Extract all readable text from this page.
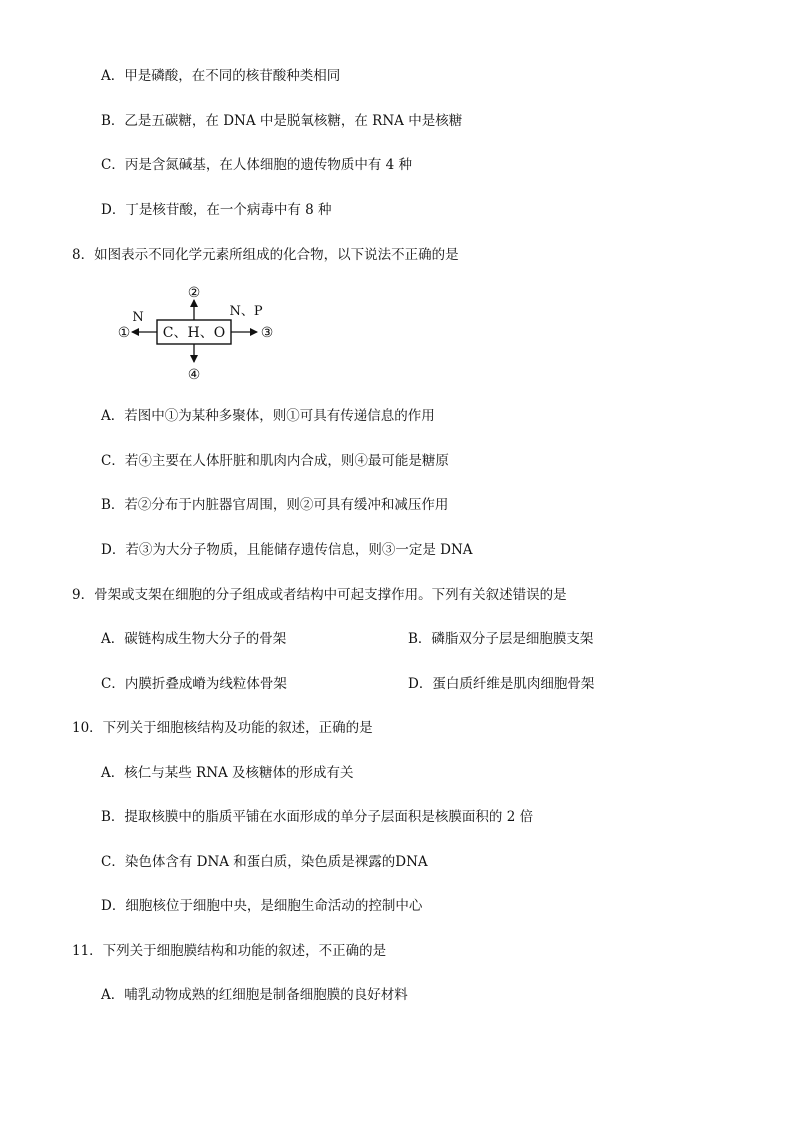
A．甲是磷酸，在不同的核苷酸种类相同
B．乙是五碳糖，在 DNA 中是脱氧核糖，在 RNA 中是核糖
C．丙是含氮碱基，在人体细胞的遗传物质中有 4 种
D．丁是核苷酸，在一个病毒中有 8 种
8．如图表示不同化学元素所组成的化合物，以下说法不正确的是
C、H、O
①
N
②
③
N、P
④
A．若图中①为某种多聚体，则①可具有传递信息的作用
C．若④主要在人体肝脏和肌肉内合成，则④最可能是糖原
B．若②分布于内脏器官周围，则②可具有缓冲和减压作用
D．若③为大分子物质，且能储存遗传信息，则③一定是 DNA
9．骨架或支架在细胞的分子组成或者结构中可起支撑作用。下列有关叙述错误的是
A．碳链构成生物大分子的骨架	B．磷脂双分子层是细胞膜支架
C．内膜折叠成嵴为线粒体骨架	D．蛋白质纤维是肌肉细胞骨架
10．下列关于细胞核结构及功能的叙述，正确的是
A．核仁与某些 RNA 及核糖体的形成有关
B．提取核膜中的脂质平铺在水面形成的单分子层面积是核膜面积的 2 倍
C．染色体含有 DNA 和蛋白质，染色质是裸露的DNA
D．细胞核位于细胞中央，是细胞生命活动的控制中心
11．下列关于细胞膜结构和功能的叙述，不正确的是
A．哺乳动物成熟的红细胞是制备细胞膜的良好材料
